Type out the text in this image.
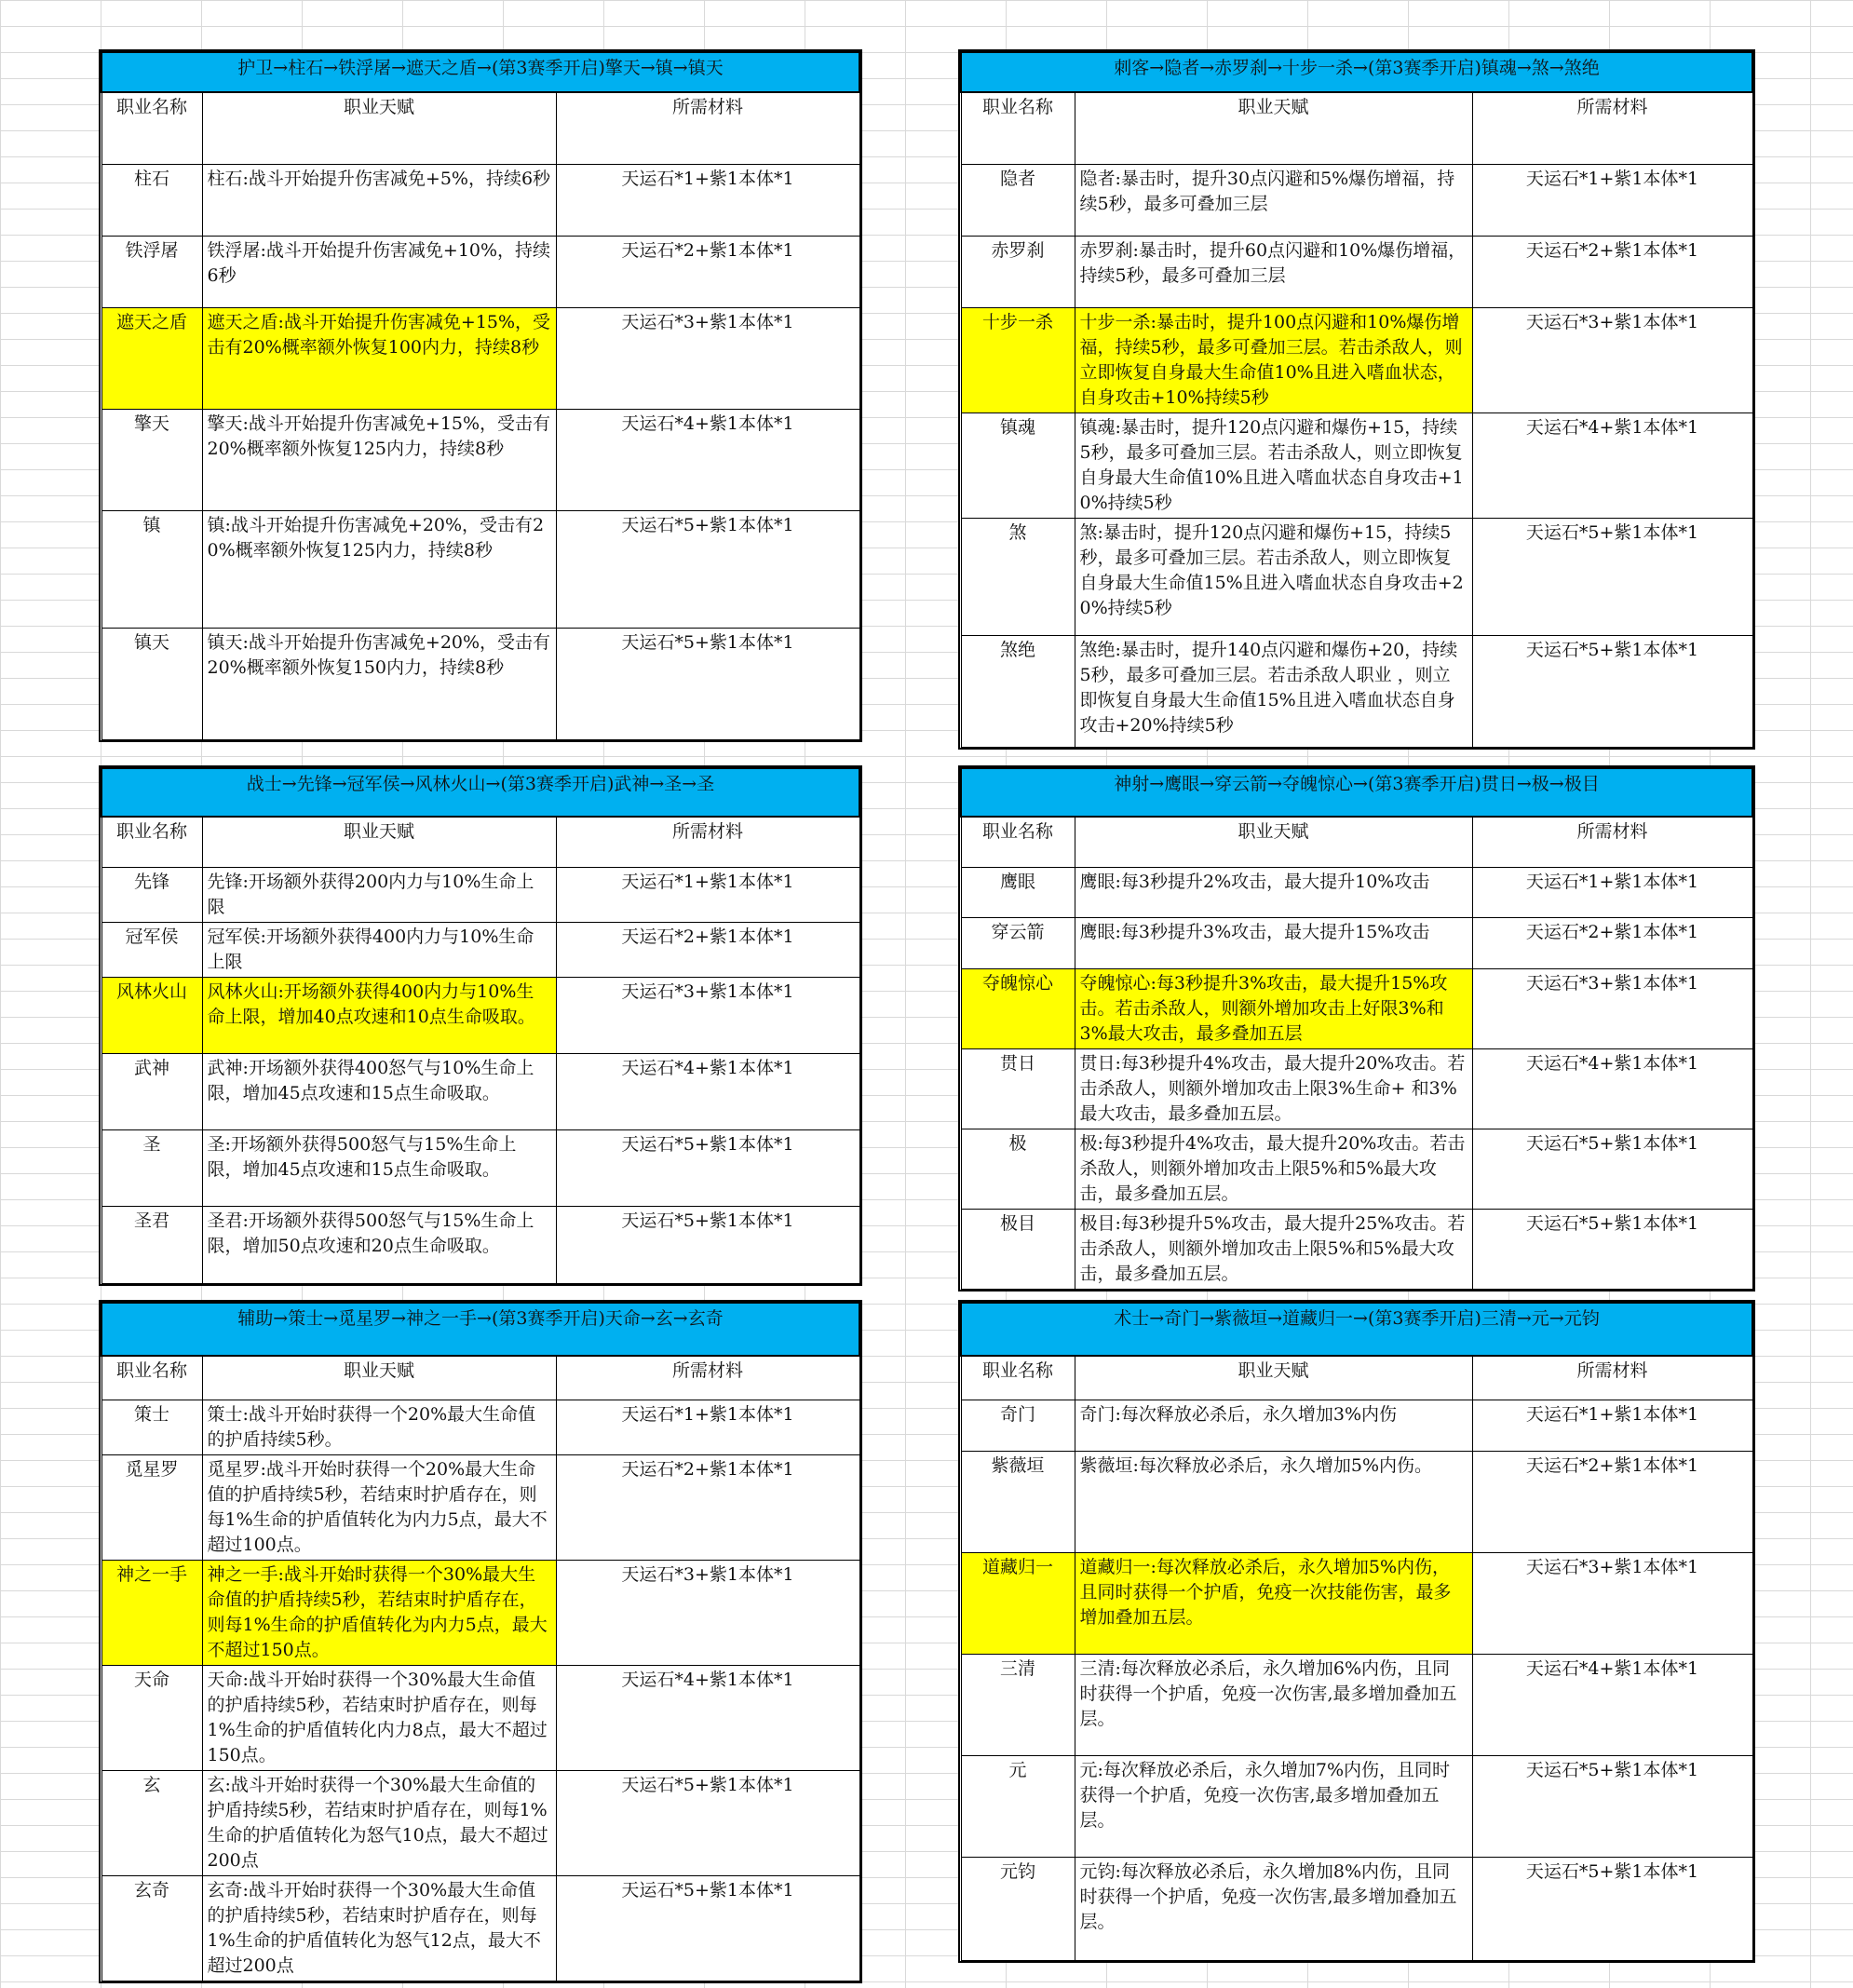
护卫→柱石→铁浮屠→遮天之盾→(第3赛季开启)擎天→镇→镇天		
职业名称	职业天赋	所需材料
柱石	柱石:战斗开始提升伤害减免+5%，持续6秒	天运石*1+紫1本体*1
铁浮屠	铁浮屠:战斗开始提升伤害减免+10%，持续6秒	天运石*2+紫1本体*1
遮天之盾	遮天之盾:战斗开始提升伤害减免+15%，受击有20%概率额外恢复100内力，持续8秒	天运石*3+紫1本体*1
擎天	擎天:战斗开始提升伤害减免+15%，受击有20%概率额外恢复125内力，持续8秒	天运石*4+紫1本体*1
镇	镇:战斗开始提升伤害减免+20%，受击有20%概率额外恢复125内力，持续8秒	天运石*5+紫1本体*1
镇天	镇天:战斗开始提升伤害减免+20%，受击有20%概率额外恢复150内力，持续8秒	天运石*5+紫1本体*1
刺客→隐者→赤罗刹→十步一杀→(第3赛季开启)镇魂→煞→煞绝		
职业名称	职业天赋	所需材料
隐者	隐者:暴击时，提升30点闪避和5%爆伤增福，持续5秒，最多可叠加三层	天运石*1+紫1本体*1
赤罗刹	赤罗刹:暴击时，提升60点闪避和10%爆伤增福，持续5秒，最多可叠加三层	天运石*2+紫1本体*1
十步一杀	十步一杀:暴击时，提升100点闪避和10%爆伤增福，持续5秒，最多可叠加三层。若击杀敌人，则立即恢复自身最大生命值10%且进入嗜血状态，自身攻击+10%持续5秒	天运石*3+紫1本体*1
镇魂	镇魂:暴击时，提升120点闪避和爆伤+15，持续5秒，最多可叠加三层。若击杀敌人，则立即恢复自身最大生命值10%且进入嗜血状态自身攻击+10%持续5秒	天运石*4+紫1本体*1
煞	煞:暴击时，提升120点闪避和爆伤+15，持续5秒，最多可叠加三层。若击杀敌人，则立即恢复自身最大生命值15%且进入嗜血状态自身攻击+20%持续5秒	天运石*5+紫1本体*1
煞绝	煞绝:暴击时，提升140点闪避和爆伤+20，持续5秒，最多可叠加三层。若击杀敌人职业 ，则立即恢复自身最大生命值15%且进入嗜血状态自身攻击+20%持续5秒	天运石*5+紫1本体*1
战士→先锋→冠军侯→风林火山→(第3赛季开启)武神→圣→圣		
职业名称	职业天赋	所需材料
先锋	先锋:开场额外获得200内力与10%生命上限	天运石*1+紫1本体*1
冠军侯	冠军侯:开场额外获得400内力与10%生命上限	天运石*2+紫1本体*1
风林火山	风林火山:开场额外获得400内力与10%生命上限，增加40点攻速和10点生命吸取。	天运石*3+紫1本体*1
武神	武神:开场额外获得400怒气与10%生命上限，增加45点攻速和15点生命吸取。	天运石*4+紫1本体*1
圣	圣:开场额外获得500怒气与15%生命上限，增加45点攻速和15点生命吸取。	天运石*5+紫1本体*1
圣君	圣君:开场额外获得500怒气与15%生命上限，增加50点攻速和20点生命吸取。	天运石*5+紫1本体*1
神射→鹰眼→穿云箭→夺魄惊心→(第3赛季开启)贯日→极→极目		
职业名称	职业天赋	所需材料
鹰眼	鹰眼:每3秒提升2%攻击，最大提升10%攻击	天运石*1+紫1本体*1
穿云箭	鹰眼:每3秒提升3%攻击，最大提升15%攻击	天运石*2+紫1本体*1
夺魄惊心	夺魄惊心:每3秒提升3%攻击，最大提升15%攻击。若击杀敌人，则额外增加攻击上好限3%和3%最大攻击，最多叠加五层	天运石*3+紫1本体*1
贯日	贯日:每3秒提升4%攻击，最大提升20%攻击。若击杀敌人，则额外增加攻击上限3%生命+ 和3%最大攻击，最多叠加五层。	天运石*4+紫1本体*1
极	极:每3秒提升4%攻击，最大提升20%攻击。若击杀敌人，则额外增加攻击上限5%和5%最大攻击，最多叠加五层。	天运石*5+紫1本体*1
极目	极目:每3秒提升5%攻击，最大提升25%攻击。若击杀敌人，则额外增加攻击上限5%和5%最大攻击，最多叠加五层。	天运石*5+紫1本体*1
辅助→策士→觅星罗→神之一手→(第3赛季开启)天命→玄→玄奇		
职业名称	职业天赋	所需材料
策士	策士:战斗开始时获得一个20%最大生命值的护盾持续5秒。	天运石*1+紫1本体*1
觅星罗	觅星罗:战斗开始时获得一个20%最大生命值的护盾持续5秒，若结束时护盾存在，则每1%生命的护盾值转化为内力5点，最大不超过100点。	天运石*2+紫1本体*1
神之一手	神之一手:战斗开始时获得一个30%最大生命值的护盾持续5秒，若结束时护盾存在，则每1%生命的护盾值转化为内力5点，最大不超过150点。	天运石*3+紫1本体*1
天命	天命:战斗开始时获得一个30%最大生命值的护盾持续5秒，若结束时护盾存在，则每1%生命的护盾值转化内力8点，最大不超过150点。	天运石*4+紫1本体*1
玄	玄:战斗开始时获得一个30%最大生命值的护盾持续5秒，若结束时护盾存在，则每1%生命的护盾值转化为怒气10点，最大不超过200点	天运石*5+紫1本体*1
玄奇	玄奇:战斗开始时获得一个30%最大生命值的护盾持续5秒，若结束时护盾存在，则每1%生命的护盾值转化为怒气12点，最大不超过200点	天运石*5+紫1本体*1
术士→奇门→紫薇垣→道藏归一→(第3赛季开启)三清→元→元钧		
职业名称	职业天赋	所需材料
奇门	奇门:每次释放必杀后，永久增加3%内伤	天运石*1+紫1本体*1
紫薇垣	紫薇垣:每次释放必杀后，永久增加5%内伤。	天运石*2+紫1本体*1
道藏归一	道藏归一:每次释放必杀后，永久增加5%内伤，且同时获得一个护盾，免疫一次技能伤害，最多增加叠加五层。	天运石*3+紫1本体*1
三清	三清:每次释放必杀后，永久增加6%内伤，且同时获得一个护盾，免疫一次伤害,最多增加叠加五层。	天运石*4+紫1本体*1
元	元:每次释放必杀后，永久增加7%内伤，且同时获得一个护盾，免疫一次伤害,最多增加叠加五层。	天运石*5+紫1本体*1
元钧	元钧:每次释放必杀后，永久增加8%内伤，且同时获得一个护盾，免疫一次伤害,最多增加叠加五层。	天运石*5+紫1本体*1
